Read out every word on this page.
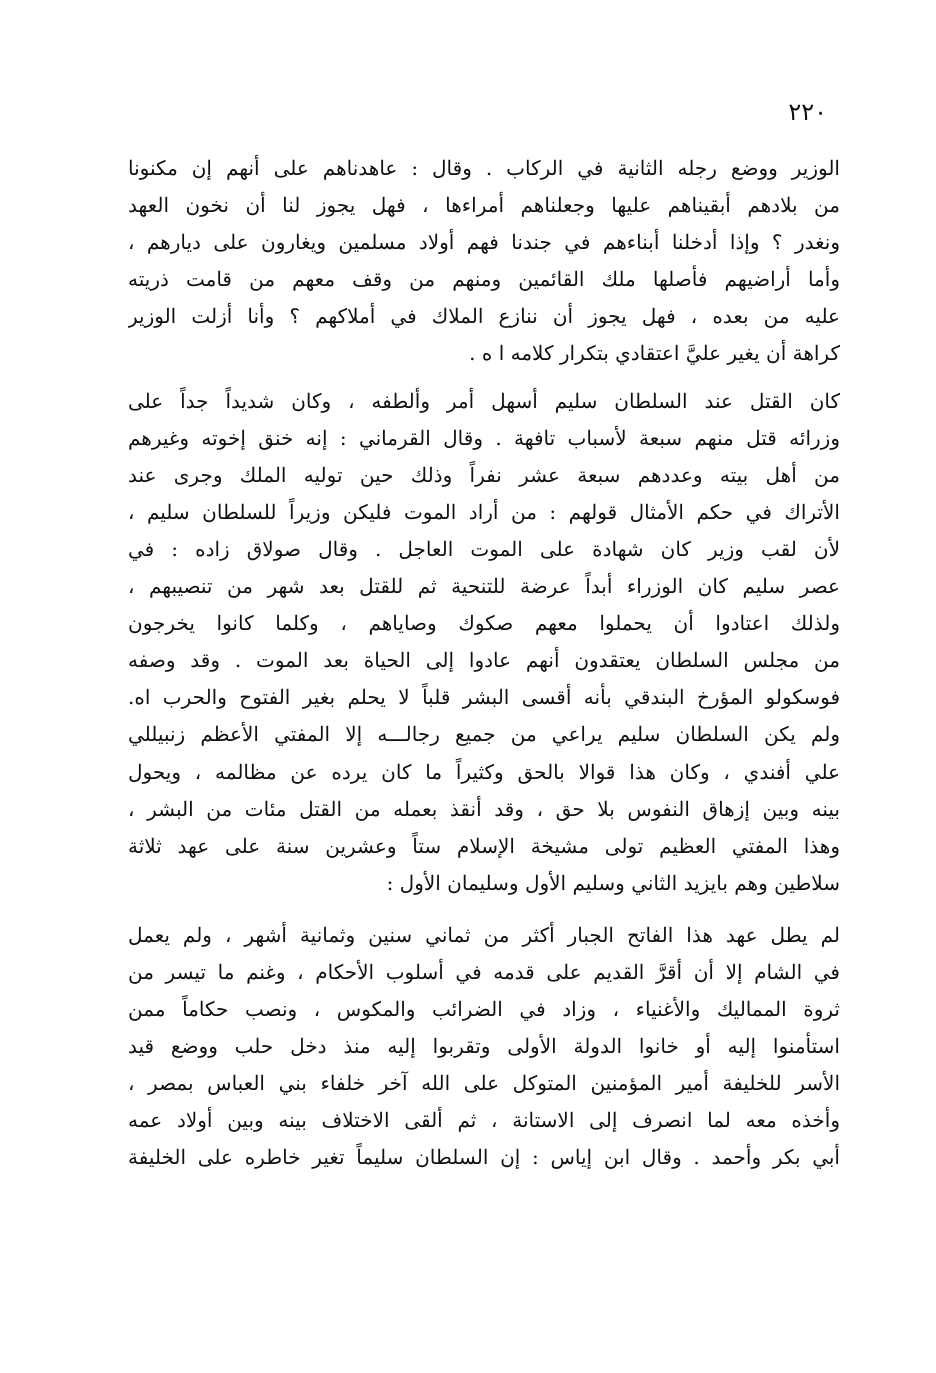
٢٢٠
الوزير ووضع رجله الثانية في الركاب . وقال : عاهدناهم على أنهم إن مكنونا
من بلادهم أبقيناهم عليها وجعلناهم أمراءها ، فهل يجوز لنا أن نخون العهد
ونغدر ؟ وإذا أدخلنا أبناءهم في جندنا فهم أولاد مسلمين ويغارون على ديارهم ،
وأما أراضيهم فأصلها ملك القائمين ومنهم من وقف معهم من قامت ذريته
عليه من بعده ، فهل يجوز أن ننازع الملاك في أملاكهم ؟ وأنا أزلت الوزير
كراهة أن يغير عليَّ اعتقادي بتكرار كلامه ا ه .
كان القتل عند السلطان سليم أسهل أمر وألطفه ، وكان شديداً جداً على
وزرائه قتل منهم سبعة لأسباب تافهة . وقال القرماني : إنه خنق إخوته وغيرهم
من أهل بيته وعددهم سبعة عشر نفراً وذلك حين توليه الملك وجرى عند
الأتراك في حكم الأمثال قولهم : من أراد الموت فليكن وزيراً للسلطان سليم ،
لأن لقب وزير كان شهادة على الموت العاجل . وقال صولاق زاده : في
عصر سليم كان الوزراء أبداً عرضة للتنحية ثم للقتل بعد شهر من تنصيبهم ،
ولذلك اعتادوا أن يحملوا معهم صكوك وصاياهم ، وكلما كانوا يخرجون
من مجلس السلطان يعتقدون أنهم عادوا إلى الحياة بعد الموت . وقد وصفه
فوسكولو المؤرخ البندقي بأنه أقسى البشر قلباً لا يحلم بغير الفتوح والحرب اه.
ولم يكن السلطان سليم يراعي من جميع رجالـــه إلا المفتي الأعظم زنبيللي
علي أفندي ، وكان هذا قوالا بالحق وكثيراً ما كان يرده عن مظالمه ، ويحول
بينه وبين إزهاق النفوس بلا حق ، وقد أنقذ بعمله من القتل مئات من البشر ،
وهذا المفتي العظيم تولى مشيخة الإسلام ستاً وعشرين سنة على عهد ثلاثة
سلاطين وهم بايزيد الثاني وسليم الأول وسليمان الأول :
لم يطل عهد هذا الفاتح الجبار أكثر من ثماني سنين وثمانية أشهر ، ولم يعمل
في الشام إلا أن أقرَّ القديم على قدمه في أسلوب الأحكام ، وغنم ما تيسر من
ثروة المماليك والأغنياء ، وزاد في الضرائب والمكوس ، ونصب حكاماً ممن
استأمنوا إليه أو خانوا الدولة الأولى وتقربوا إليه منذ دخل حلب ووضع قيد
الأسر للخليفة أمير المؤمنين المتوكل على الله آخر خلفاء بني العباس بمصر ،
وأخذه معه لما انصرف إلى الاستانة ، ثم ألقى الاختلاف بينه وبين أولاد عمه
أبي بكر وأحمد . وقال ابن إياس : إن السلطان سليماً تغير خاطره على الخليفة
